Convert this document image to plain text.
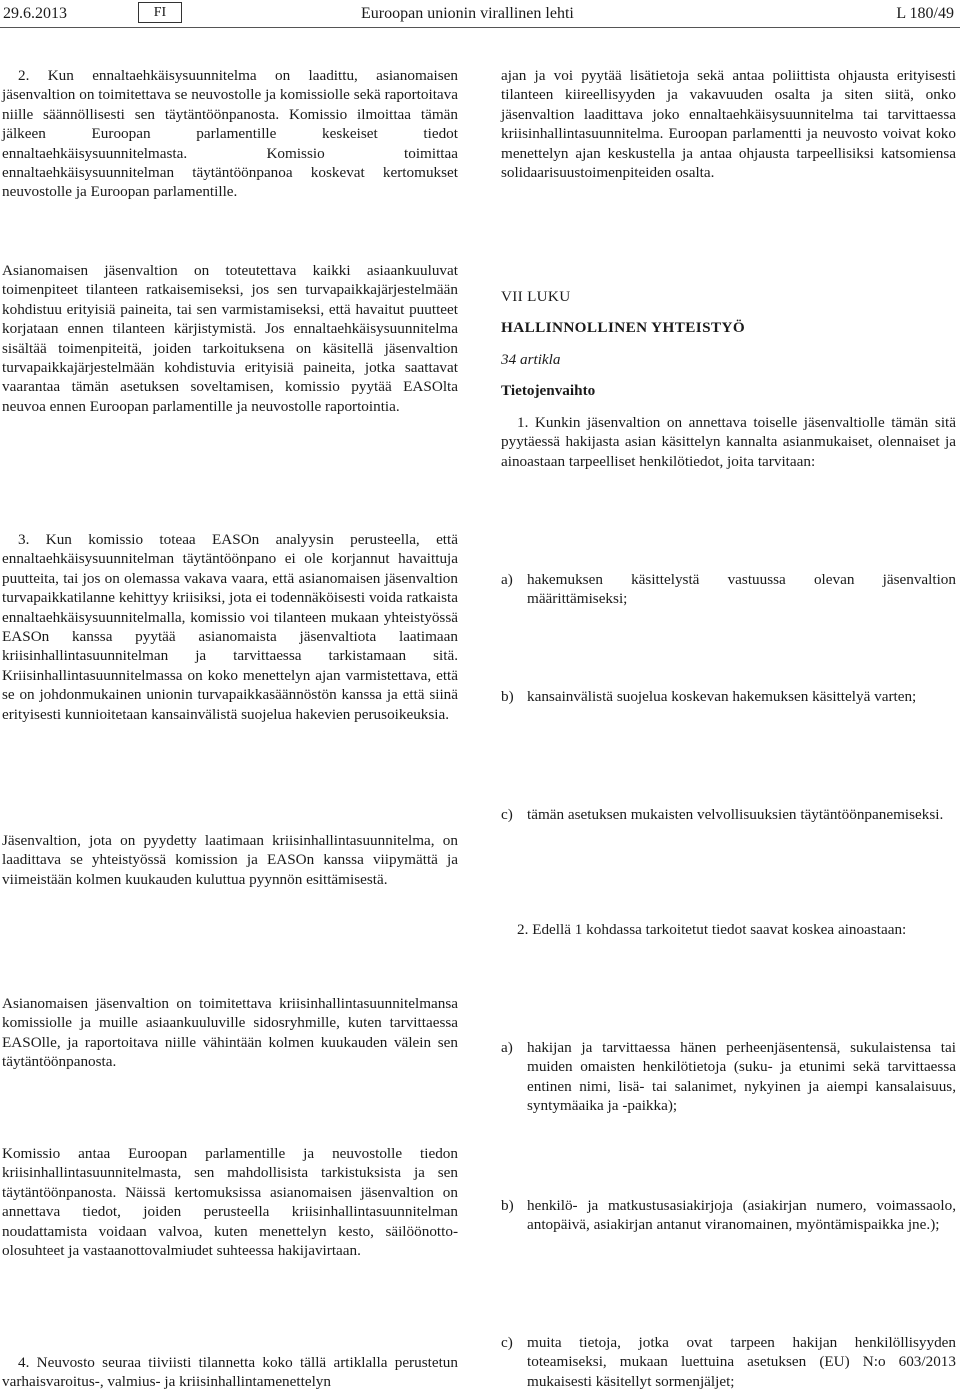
29.6.2013	FI	Euroopan unionin virallinen lehti	L 180/49

2. Kun ennaltaehkäisysuunnitelma on laadittu, asianomaisen jäsenvaltion on toimitettava se neuvostolle ja komissiolle sekä raportoitava niille säännöllisesti sen täytäntöönpanosta. Komissio ilmoittaa tämän jälkeen Euroopan parlamentille keskeiset tiedot ennaltaehkäisysuunnitelmasta. Komissio toimittaa ennaltaehkäisysuunnitelman täytäntöönpanoa koskevat kertomukset neuvostolle ja Euroopan parlamentille.

Asianomaisen jäsenvaltion on toteutettava kaikki asiaankuuluvat toimenpiteet tilanteen ratkaisemiseksi, jos sen turvapaikkajärjestelmään kohdistuu erityisiä paineita, tai sen varmistamiseksi, että havaitut puutteet korjataan ennen tilanteen kärjistymistä. Jos ennaltaehkäisysuunnitelma sisältää toimenpiteitä, joiden tarkoituksena on käsitellä jäsenvaltion turvapaikkajärjestelmään kohdistuvia erityisiä paineita, jotka saattavat vaarantaa tämän asetuksen soveltamisen, komissio pyytää EASOlta neuvoa ennen Euroopan parlamentille ja neuvostolle raportointia.

3. Kun komissio toteaa EASOn analyysin perusteella, että ennaltaehkäisysuunnitelman täytäntöönpano ei ole korjannut havaittuja puutteita, tai jos on olemassa vakava vaara, että asianomaisen jäsenvaltion turvapaikkatilanne kehittyy kriisiksi, jota ei todennäköisesti voida ratkaista ennaltaehkäisysuunnitelmalla, komissio voi tilanteen mukaan yhteistyössä EASOn kanssa pyytää asianomaista jäsenvaltiota laatimaan kriisinhallintasuunnitelman ja tarvittaessa tarkistamaan sitä. Kriisinhallintasuunnitelmassa on koko menettelyn ajan varmistettava, että se on johdonmukainen unionin turvapaikkasäännöstön kanssa ja että siinä erityisesti kunnioitetaan kansainvälistä suojelua hakevien perusoikeuksia.

Jäsenvaltion, jota on pyydetty laatimaan kriisinhallintasuunnitelma, on laadittava se yhteistyössä komission ja EASOn kanssa viipymättä ja viimeistään kolmen kuukauden kuluttua pyynnön esittämisestä.

Asianomaisen jäsenvaltion on toimitettava kriisinhallintasuunnitelmansa komissiolle ja muille asiaankuuluville sidosryhmille, kuten tarvittaessa EASOlle, ja raportoitava niille vähintään kolmen kuukauden välein sen täytäntöönpanosta.

Komissio antaa Euroopan parlamentille ja neuvostolle tiedon kriisinhallintasuunnitelmasta, sen mahdollisista tarkistuksista ja sen täytäntöönpanosta. Näissä kertomuksissa asianomaisen jäsenvaltion on annettava tiedot, joiden perusteella kriisinhallintasuunnitelman noudattamista voidaan valvoa, kuten menettelyn kesto, säilöönotto-olosuhteet ja vastaanottovalmiudet suhteessa hakijavirtaan.

4. Neuvosto seuraa tiiviisti tilannetta koko tällä artiklalla perustetun varhaisvaroitus-, valmius- ja kriisinhallintamenettelyn

ajan ja voi pyytää lisätietoja sekä antaa poliittista ohjausta erityisesti tilanteen kiireellisyyden ja vakavuuden osalta ja siten siitä, onko jäsenvaltion laadittava joko ennaltaehkäisysuunnitelma tai tarvittaessa kriisinhallintasuunnitelma. Euroopan parlamentti ja neuvosto voivat koko menettelyn ajan keskustella ja antaa ohjausta tarpeellisiksi katsomiensa solidaarisuustoimenpiteiden osalta.

VII LUKU

HALLINNOLLINEN YHTEISTYÖ

34 artikla

Tietojenvaihto

1. Kunkin jäsenvaltion on annettava toiselle jäsenvaltiolle tämän sitä pyytäessä hakijasta asian käsittelyn kannalta asianmukaiset, olennaiset ja ainoastaan tarpeelliset henkilötiedot, joita tarvitaan:

a) hakemuksen käsittelystä vastuussa olevan jäsenvaltion määrittämiseksi;

b) kansainvälistä suojelua koskevan hakemuksen käsittelyä varten;

c) tämän asetuksen mukaisten velvollisuuksien täytäntöönpanemiseksi.

2. Edellä 1 kohdassa tarkoitetut tiedot saavat koskea ainoastaan:

a) hakijan ja tarvittaessa hänen perheenjäsentensä, sukulaistensa tai muiden omaisten henkilötietoja (suku- ja etunimi sekä tarvittaessa entinen nimi, lisä- tai salanimet, nykyinen ja aiempi kansalaisuus, syntymäaika ja -paikka);

b) henkilö- ja matkustusasiakirjoja (asiakirjan numero, voimassaolo, antopäivä, asiakirjan antanut viranomainen, myöntämispaikka jne.);

c) muita tietoja, jotka ovat tarpeen hakijan henkilöllisyyden toteamiseksi, mukaan luettuina asetuksen (EU) N:o 603/2013 mukaisesti käsitellyt sormenjäljet;
